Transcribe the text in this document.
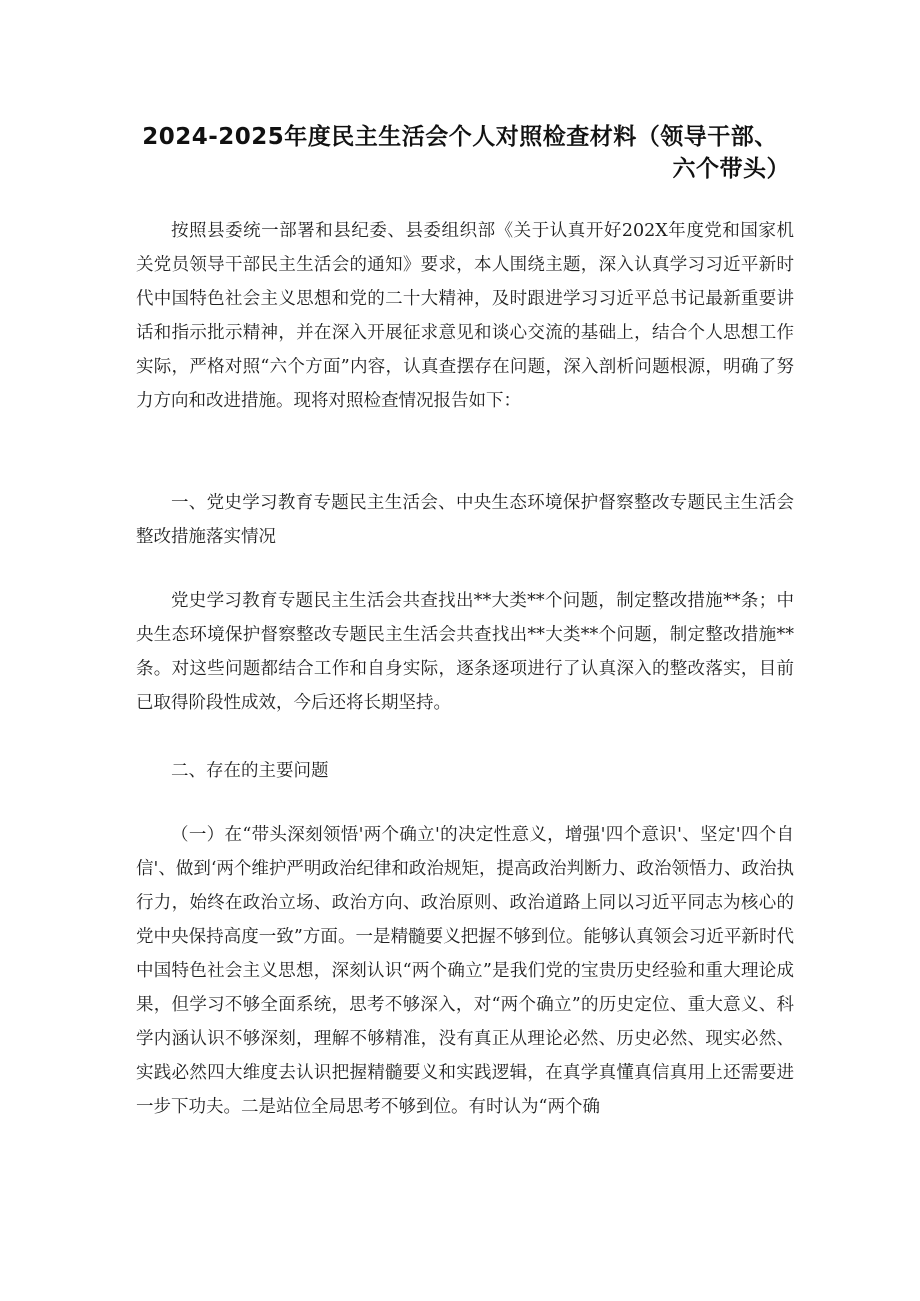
2024-2025年度民主生活会个人对照检查材料（领导干部、
六个带头）

按照县委统一部署和县纪委、县委组织部《关于认真开好202X年度党和国家机关党员领导干部民主生活会的通知》要求，本人围绕主题，深入认真学习习近平新时代中国特色社会主义思想和党的二十大精神，及时跟进学习习近平总书记最新重要讲话和指示批示精神，并在深入开展征求意见和谈心交流的基础上，结合个人思想工作实际，严格对照“六个方面”内容，认真查摆存在问题，深入剖析问题根源，明确了努力方向和改进措施。现将对照检查情况报告如下：

一、党史学习教育专题民主生活会、中央生态环境保护督察整改专题民主生活会整改措施落实情况

党史学习教育专题民主生活会共查找出**大类**个问题，制定整改措施**条；中央生态环境保护督察整改专题民主生活会共查找出**大类**个问题，制定整改措施**条。对这些问题都结合工作和自身实际，逐条逐项进行了认真深入的整改落实，目前已取得阶段性成效，今后还将长期坚持。

二、存在的主要问题

（一）在“带头深刻领悟'两个确立'的决定性意义，增强'四个意识'、坚定'四个自信'、做到‘两个维护严明政治纪律和政治规矩，提高政治判断力、政治领悟力、政治执行力，始终在政治立场、政治方向、政治原则、政治道路上同以习近平同志为核心的党中央保持高度一致”方面。一是精髓要义把握不够到位。能够认真领会习近平新时代中国特色社会主义思想，深刻认识“两个确立”是我们党的宝贵历史经验和重大理论成果，但学习不够全面系统，思考不够深入，对“两个确立”的历史定位、重大意义、科学内涵认识不够深刻，理解不够精准，没有真正从理论必然、历史必然、现实必然、实践必然四大维度去认识把握精髓要义和实践逻辑，在真学真懂真信真用上还需要进一步下功夫。二是站位全局思考不够到位。有时认为“两个确
